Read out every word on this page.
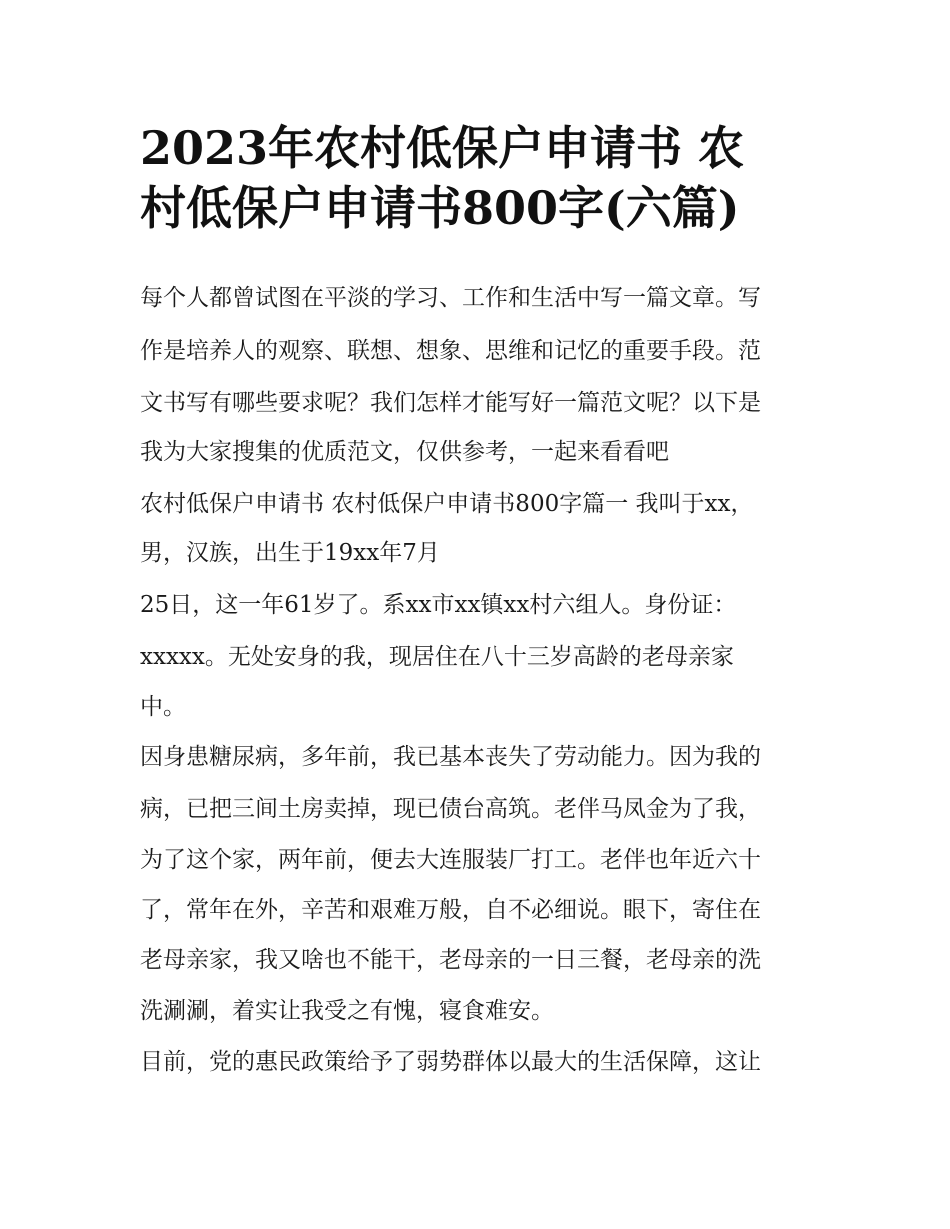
2023年农村低保户申请书 农
村低保户申请书800字(六篇)
每个人都曾试图在平淡的学习、工作和生活中写一篇文章。写
作是培养人的观察、联想、想象、思维和记忆的重要手段。范
文书写有哪些要求呢？我们怎样才能写好一篇范文呢？以下是
我为大家搜集的优质范文，仅供参考，一起来看看吧
农村低保户申请书 农村低保户申请书800字篇一 我叫于xx，
男，汉族，出生于19xx年7月
25日，这一年61岁了。系xx市xx镇xx村六组人。身份证：
xxxxx。无处安身的我，现居住在八十三岁高龄的老母亲家
中。
因身患糖尿病，多年前，我已基本丧失了劳动能力。因为我的
病，已把三间土房卖掉，现已债台高筑。老伴马凤金为了我，
为了这个家，两年前，便去大连服装厂打工。老伴也年近六十
了，常年在外，辛苦和艰难万般，自不必细说。眼下，寄住在
老母亲家，我又啥也不能干，老母亲的一日三餐，老母亲的洗
洗涮涮，着实让我受之有愧，寝食难安。
目前，党的惠民政策给予了弱势群体以最大的生活保障，这让
